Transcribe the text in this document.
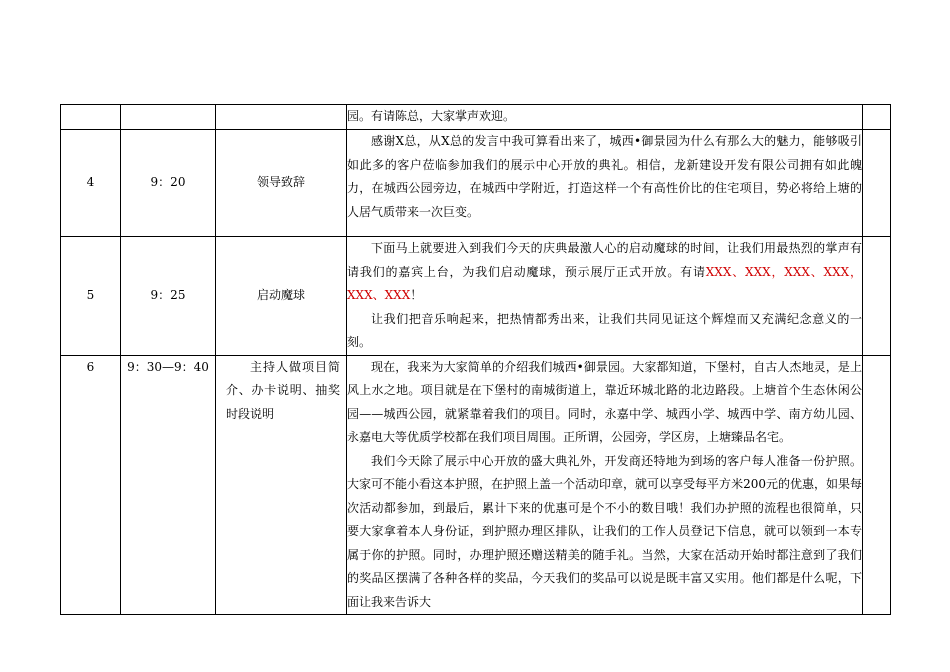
			园。有请陈总，大家掌声欢迎。	

4	9：20	领导致辞	感谢X总，从X总的发言中我可算看出来了，城西•御景园为什么有那么大的魅力，能够吸引如此多的客户莅临参加我们的展示中心开放的典礼。相信，龙新建设开发有限公司拥有如此魄力，在城西公园旁边，在城西中学附近，打造这样一个有高性价比的住宅项目，势必将给上塘的人居气质带来一次巨变。	

5	9：25	启动魔球	下面马上就要进入到我们今天的庆典最激人心的启动魔球的时间，让我们用最热烈的掌声有请我们的嘉宾上台，为我们启动魔球，预示展厅正式开放。有请XXX、XXX，XXX、XXX，XXX、XXX！

让我们把音乐响起来，把热情都秀出来，让我们共同见证这个辉煌而又充满纪念意义的一刻。	

6	9：30—9：40	主持人做项目简介、办卡说明、抽奖时段说明	现在，我来为大家简单的介绍我们城西•御景园。大家都知道，下堡村，自古人杰地灵，是上风上水之地。项目就是在下堡村的南城街道上，靠近环城北路的北边路段。上塘首个生态休闲公园——城西公园，就紧靠着我们的项目。同时，永嘉中学、城西小学、城西中学、南方幼儿园、永嘉电大等优质学校都在我们项目周围。正所谓，公园旁，学区房，上塘臻品名宅。

我们今天除了展示中心开放的盛大典礼外，开发商还特地为到场的客户每人准备一份护照。大家可不能小看这本护照，在护照上盖一个活动印章，就可以享受每平方米200元的优惠，如果每次活动都参加，到最后，累计下来的优惠可是个不小的数目哦！我们办护照的流程也很简单，只要大家拿着本人身份证，到护照办理区排队，让我们的工作人员登记下信息，就可以领到一本专属于你的护照。同时，办理护照还赠送精美的随手礼。当然，大家在活动开始时都注意到了我们的奖品区摆满了各种各样的奖品，今天我们的奖品可以说是既丰富又实用。他们都是什么呢，下面让我来告诉大	
